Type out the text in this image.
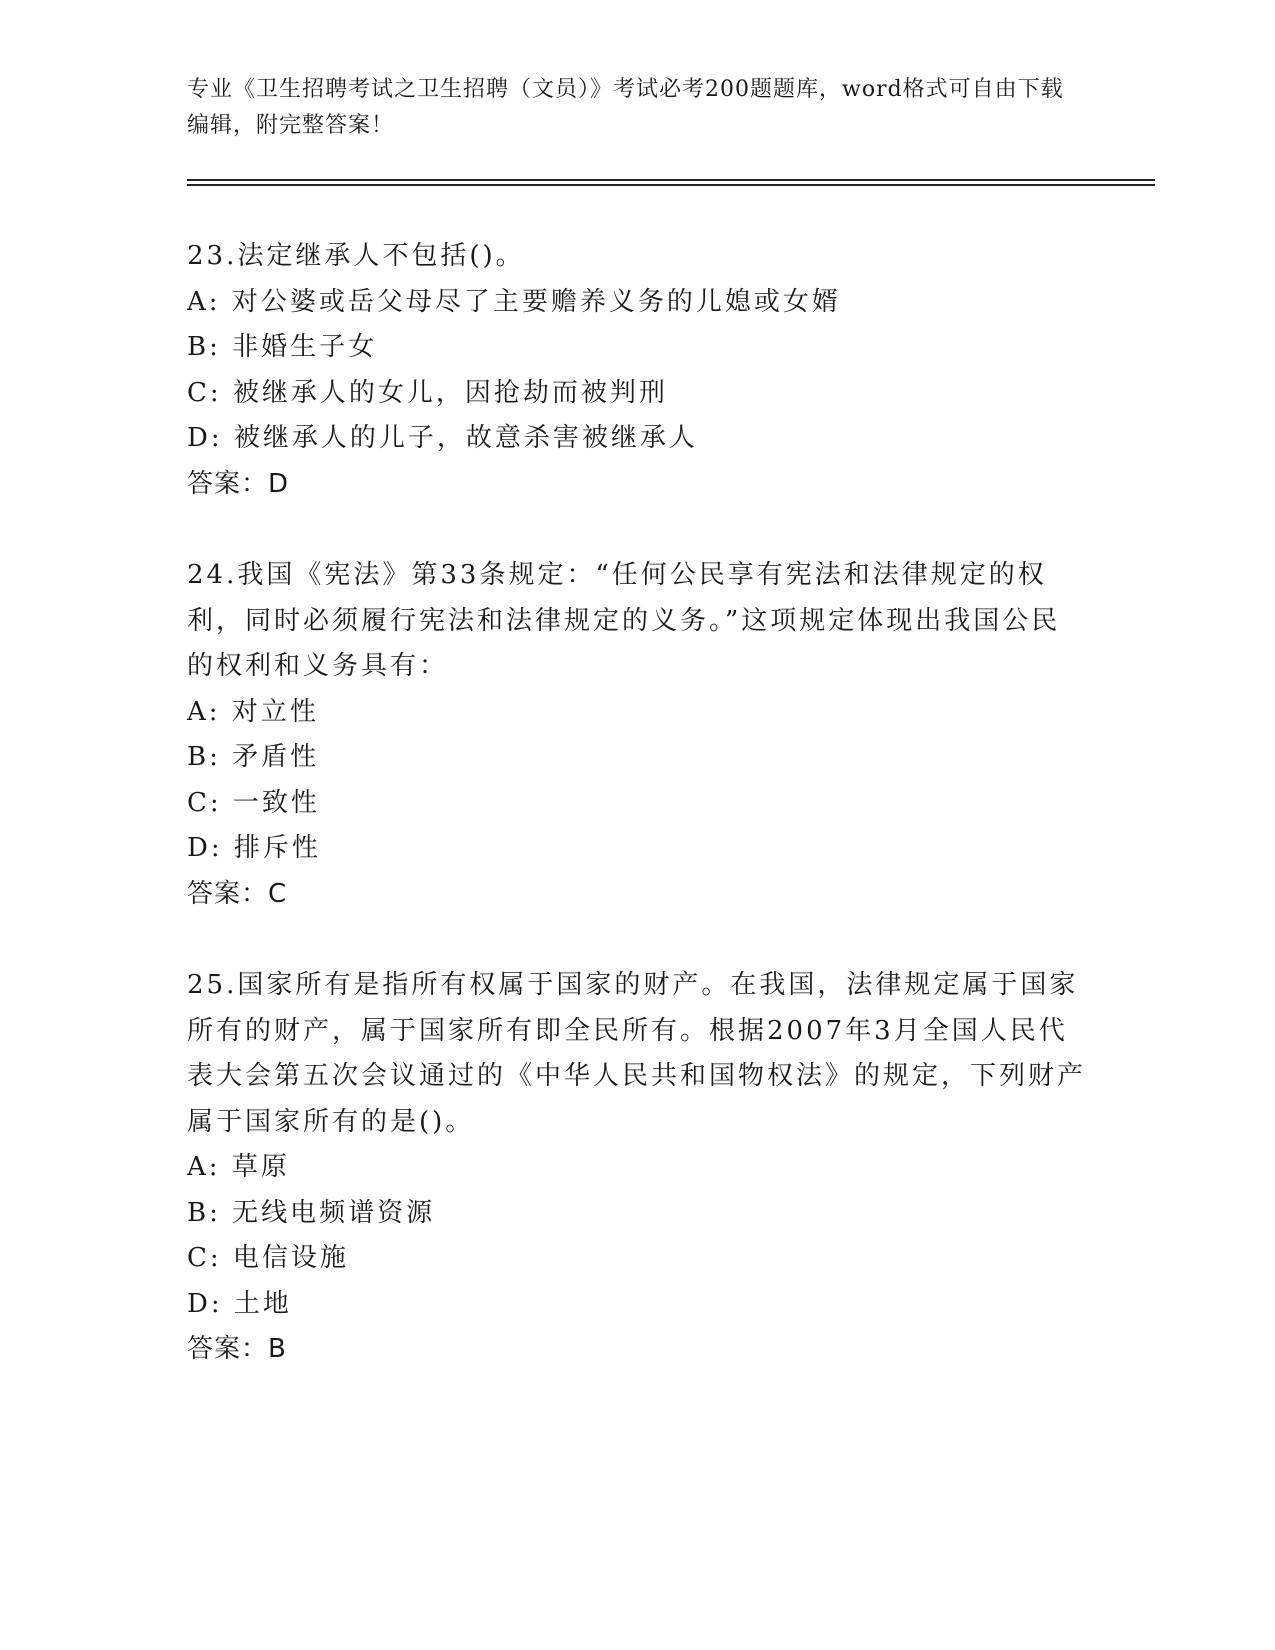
专业《卫生招聘考试之卫生招聘（文员）》考试必考200题题库，word格式可自由下载编辑，附完整答案！

23.法定继承人不包括()。

A: 对公婆或岳父母尽了主要赡养义务的儿媳或女婿

B: 非婚生子女

C: 被继承人的女儿，因抢劫而被判刑

D: 被继承人的儿子，故意杀害被继承人

答案：D

24.我国《宪法》第33条规定：“任何公民享有宪法和法律规定的权利，同时必须履行宪法和法律规定的义务。”这项规定体现出我国公民的权利和义务具有：

A: 对立性

B: 矛盾性

C: 一致性

D: 排斥性

答案：C

25.国家所有是指所有权属于国家的财产。在我国，法律规定属于国家所有的财产，属于国家所有即全民所有。根据2007年3月全国人民代表大会第五次会议通过的《中华人民共和国物权法》的规定，下列财产属于国家所有的是()。

A: 草原

B: 无线电频谱资源

C: 电信设施

D: 土地

答案：B
